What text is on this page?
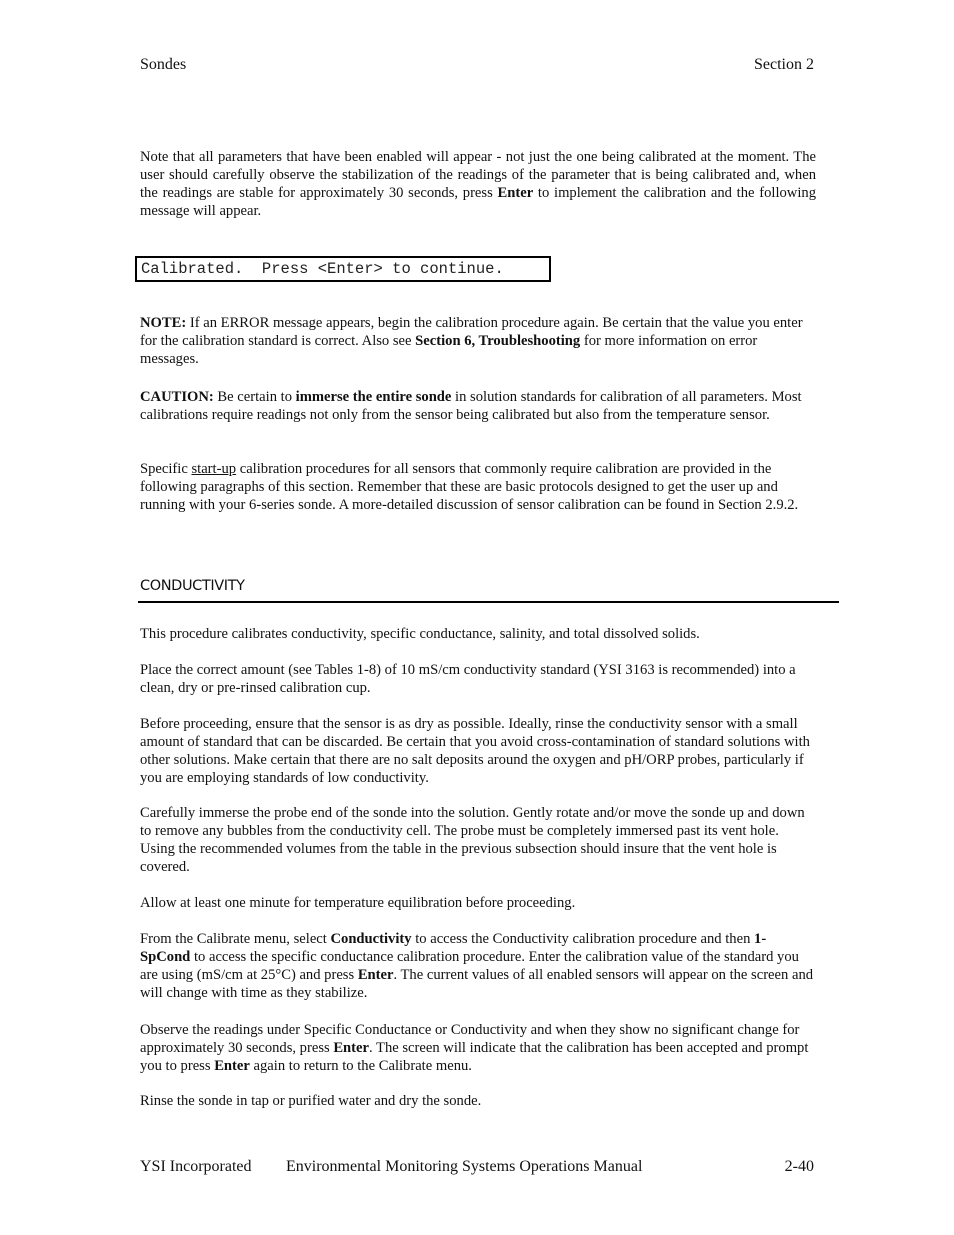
Sondes	Section 2

Note that all parameters that have been enabled will appear - not just the one being calibrated at the moment. The user should carefully observe the stabilization of the readings of the parameter that is being calibrated and, when the readings are stable for approximately 30 seconds, press Enter to implement the calibration and the following message will appear.

Calibrated.  Press <Enter> to continue.

NOTE: If an ERROR message appears, begin the calibration procedure again. Be certain that the value you enter for the calibration standard is correct. Also see Section 6, Troubleshooting for more information on error messages.

CAUTION: Be certain to immerse the entire sonde in solution standards for calibration of all parameters. Most calibrations require readings not only from the sensor being calibrated but also from the temperature sensor.

Specific start-up calibration procedures for all sensors that commonly require calibration are provided in the following paragraphs of this section. Remember that these are basic protocols designed to get the user up and running with your 6-series sonde. A more-detailed discussion of sensor calibration can be found in Section 2.9.2.

CONDUCTIVITY

This procedure calibrates conductivity, specific conductance, salinity, and total dissolved solids.

Place the correct amount (see Tables 1-8) of 10 mS/cm conductivity standard (YSI 3163 is recommended) into a clean, dry or pre-rinsed calibration cup.

Before proceeding, ensure that the sensor is as dry as possible. Ideally, rinse the conductivity sensor with a small amount of standard that can be discarded. Be certain that you avoid cross-contamination of standard solutions with other solutions. Make certain that there are no salt deposits around the oxygen and pH/ORP probes, particularly if you are employing standards of low conductivity.

Carefully immerse the probe end of the sonde into the solution. Gently rotate and/or move the sonde up and down to remove any bubbles from the conductivity cell. The probe must be completely immersed past its vent hole. Using the recommended volumes from the table in the previous subsection should insure that the vent hole is covered.

Allow at least one minute for temperature equilibration before proceeding.

From the Calibrate menu, select Conductivity to access the Conductivity calibration procedure and then 1-SpCond to access the specific conductance calibration procedure. Enter the calibration value of the standard you are using (mS/cm at 25°C) and press Enter. The current values of all enabled sensors will appear on the screen and will change with time as they stabilize.

Observe the readings under Specific Conductance or Conductivity and when they show no significant change for approximately 30 seconds, press Enter. The screen will indicate that the calibration has been accepted and prompt you to press Enter again to return to the Calibrate menu.

Rinse the sonde in tap or purified water and dry the sonde.

YSI Incorporated Environmental Monitoring Systems Operations Manual	2-40
